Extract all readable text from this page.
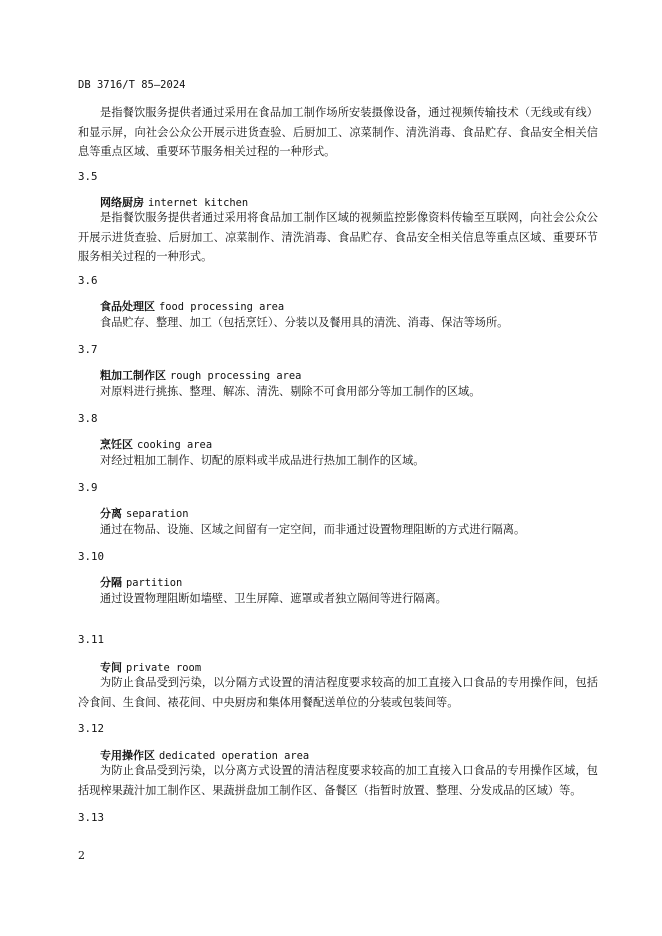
DB 3716/T 85—2024

是指餐饮服务提供者通过采用在食品加工制作场所安装摄像设备，通过视频传输技术（无线或有线）和显示屏，向社会公众公开展示进货查验、后厨加工、凉菜制作、清洗消毒、食品贮存、食品安全相关信息等重点区域、重要环节服务相关过程的一种形式。

3.5
网络厨房 internet kitchen

是指餐饮服务提供者通过采用将食品加工制作区域的视频监控影像资料传输至互联网，向社会公众公开展示进货查验、后厨加工、凉菜制作、清洗消毒、食品贮存、食品安全相关信息等重点区域、重要环节服务相关过程的一种形式。

3.6
食品处理区 food processing area

食品贮存、整理、加工（包括烹饪）、分装以及餐用具的清洗、消毒、保洁等场所。

3.7
粗加工制作区 rough processing area

对原料进行挑拣、整理、解冻、清洗、剔除不可食用部分等加工制作的区域。

3.8
烹饪区 cooking area

对经过粗加工制作、切配的原料或半成品进行热加工制作的区域。

3.9
分离 separation

通过在物品、设施、区域之间留有一定空间，而非通过设置物理阻断的方式进行隔离。

3.10
分隔 partition

通过设置物理阻断如墙壁、卫生屏障、遮罩或者独立隔间等进行隔离。

3.11
专间 private room

为防止食品受到污染，以分隔方式设置的清洁程度要求较高的加工直接入口食品的专用操作间，包括冷食间、生食间、裱花间、中央厨房和集体用餐配送单位的分装或包装间等。

3.12
专用操作区 dedicated operation area

为防止食品受到污染，以分离方式设置的清洁程度要求较高的加工直接入口食品的专用操作区域，包括现榨果蔬汁加工制作区、果蔬拼盘加工制作区、备餐区（指暂时放置、整理、分发成品的区域）等。

3.13
2
